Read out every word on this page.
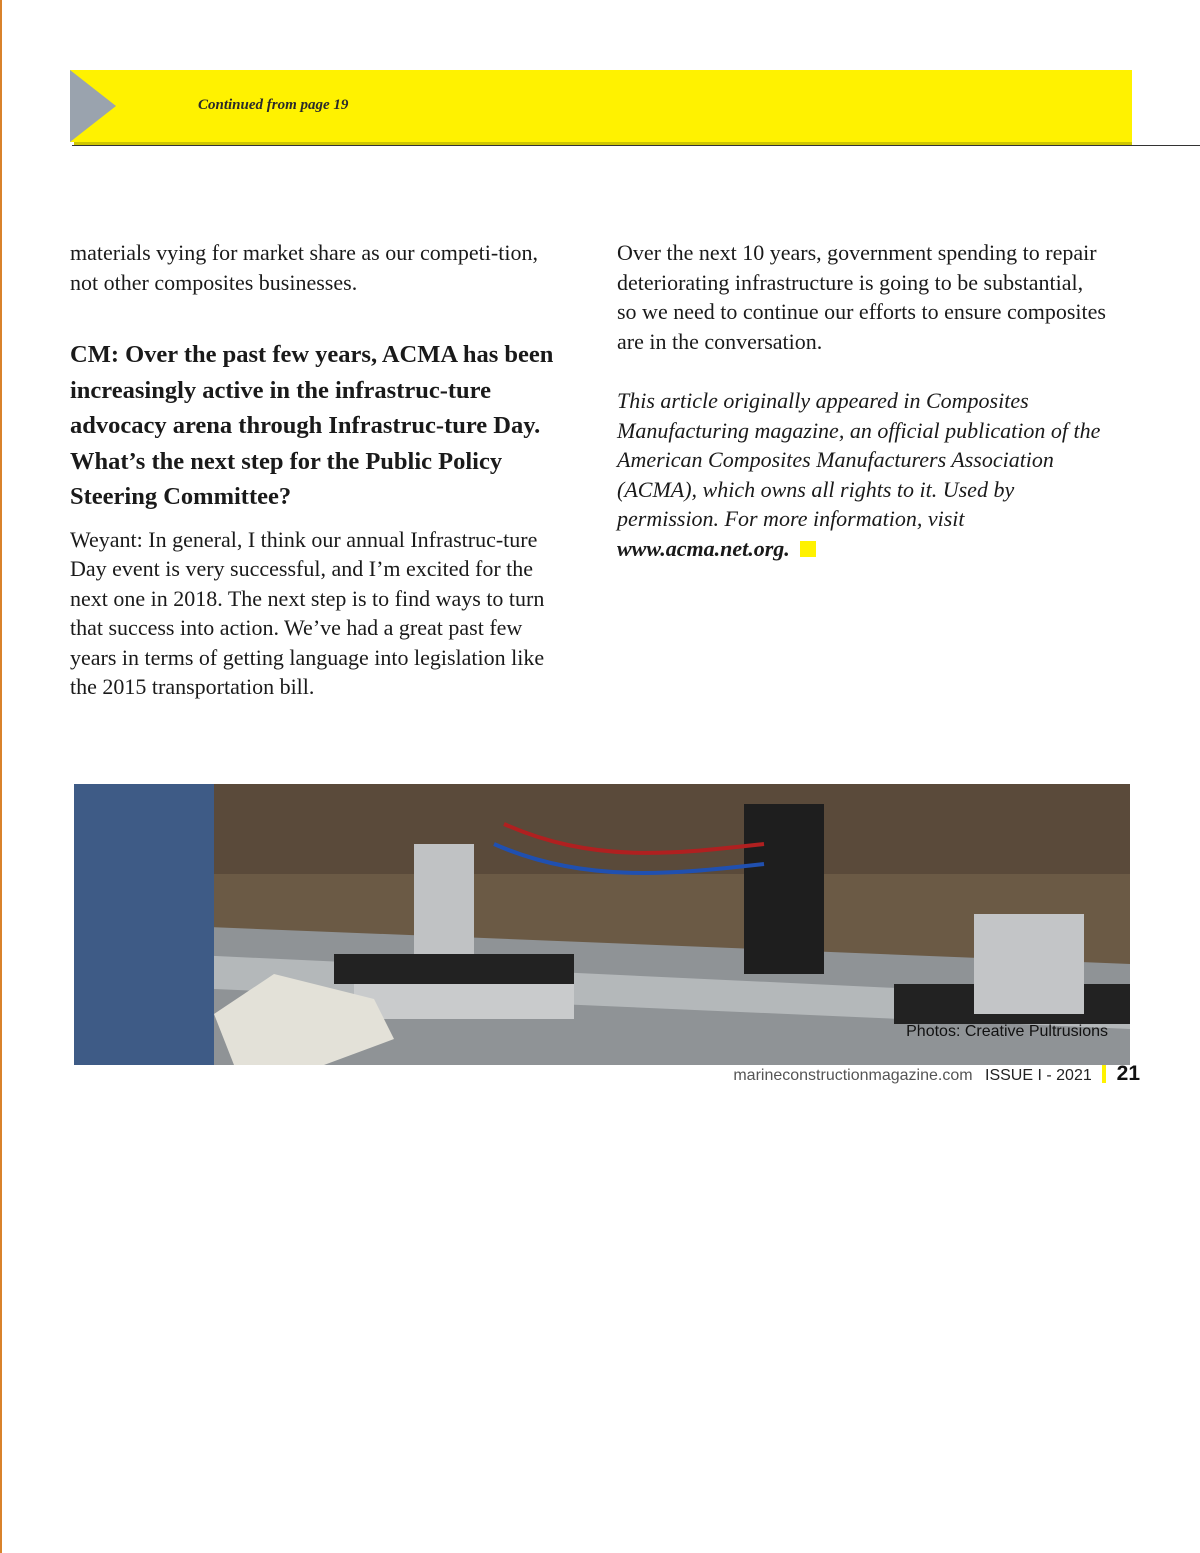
Continued from page 19

materials vying for market share as our competi-tion, not other composites businesses.

CM: Over the past few years, ACMA has been increasingly active in the infrastruc-ture advocacy arena through Infrastruc-ture Day. What’s the next step for the Public Policy Steering Committee?

Weyant: In general, I think our annual Infrastruc-ture Day event is very successful, and I’m excited for the next one in 2018. The next step is to find ways to turn that success into action. We’ve had a great past few years in terms of getting language into legislation like the 2015 transportation bill.

Over the next 10 years, government spending to repair deteriorating infrastructure is going to be substantial, so we need to continue our efforts to ensure composites are in the conversation.

This article originally appeared in Composites Manufacturing magazine, an official publication of the American Composites Manufacturers Association (ACMA), which owns all rights to it. Used by permission. For more information, visit www.acma.net.org.

Photos: Creative Pultrusions
marineconstructionmagazine.com ISSUE I - 2021 21
